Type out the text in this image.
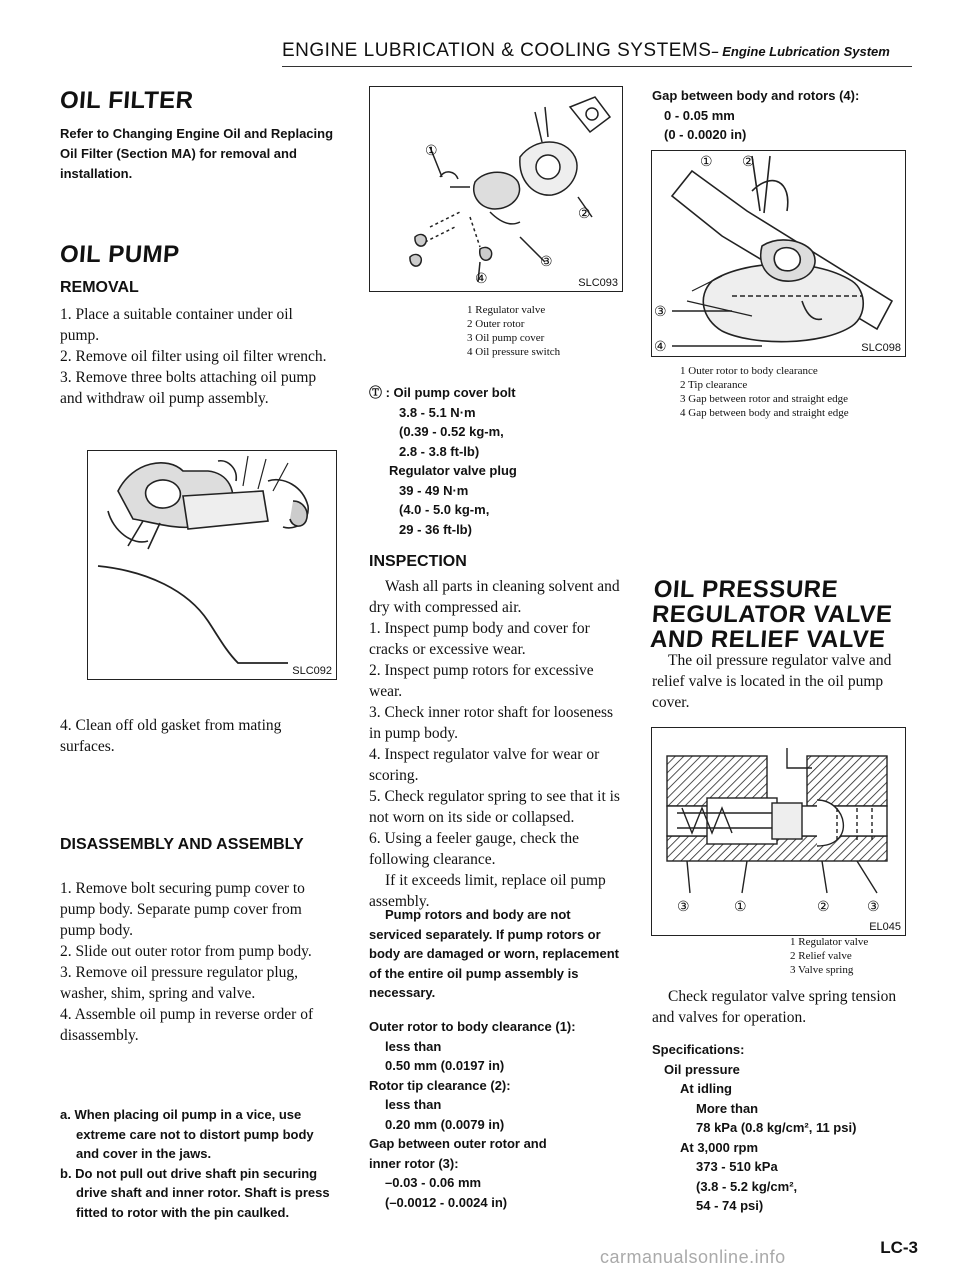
ENGINE LUBRICATION & COOLING SYSTEMS– Engine Lubrication System
OIL FILTER
Refer to Changing Engine Oil and Replacing Oil Filter (Section MA) for removal and installation.
OIL PUMP
REMOVAL

1. Place a suitable container under oil pump.

2. Remove oil filter using oil filter wrench.

3. Remove three bolts attaching oil pump and withdraw oil pump assembly.

SLC092
4. Clean off old gasket from mating surfaces.
DISASSEMBLY AND ASSEMBLY

1. Remove bolt securing pump cover to pump body. Separate pump cover from pump body.

2. Slide out outer rotor from pump body.

3. Remove oil pressure regulator plug, washer, shim, spring and valve.

4. Assemble oil pump in reverse order of disassembly.

a. When placing oil pump in a vice, use extreme care not to distort pump body and cover in the jaws.
b. Do not pull out drive shaft pin securing drive shaft and inner rotor. Shaft is press fitted to rotor with the pin caulked.
①
②
③
④	SLC093
1 Regulator valve
2 Outer rotor
3 Oil pump cover
4 Oil pressure switch
Ⓣ : Oil pump cover bolt
3.8 - 5.1 N·m
(0.39 - 0.52 kg-m,
2.8 - 3.8 ft-lb)
Regulator valve plug
39 - 49 N·m
(4.0 - 5.0 kg-m,
29 - 36 ft-lb)
INSPECTION

Wash all parts in cleaning solvent and dry with compressed air.

1. Inspect pump body and cover for cracks or excessive wear.

2. Inspect pump rotors for excessive wear.

3. Check inner rotor shaft for looseness in pump body.

4. Inspect regulator valve for wear or scoring.

5. Check regulator spring to see that it is not worn on its side or collapsed.

6. Using a feeler gauge, check the following clearance.

If it exceeds limit, replace oil pump assembly.

Pump rotors and body are not serviced separately. If pump rotors or body are damaged or worn, replacement of the entire oil pump assembly is necessary.
Outer rotor to body clearance (1):
less than
0.50 mm (0.0197 in)
Rotor tip clearance (2):
less than
0.20 mm (0.0079 in)
Gap between outer rotor and
inner rotor (3):
–0.03 - 0.06 mm
(–0.0012 - 0.0024 in)
Gap between body and rotors (4):
0 - 0.05 mm
(0 - 0.0020 in)
① ②
③
④	SLC098
1 Outer rotor to body clearance
2 Tip clearance
3 Gap between rotor and straight edge
4 Gap between body and straight edge
OIL PRESSURE
REGULATOR VALVE
AND RELIEF VALVE
The oil pressure regulator valve and relief valve is located in the oil pump cover.
③	①	②	③
EL045
1 Regulator valve
2 Relief valve
3 Valve spring
Check regulator valve spring tension and valves for operation.
Specifications:
Oil pressure
At idling
More than
78 kPa (0.8 kg/cm², 11 psi)
At 3,000 rpm
373 - 510 kPa
(3.8 - 5.2 kg/cm²,
54 - 74 psi)
LC-3
carmanualsonline.info
